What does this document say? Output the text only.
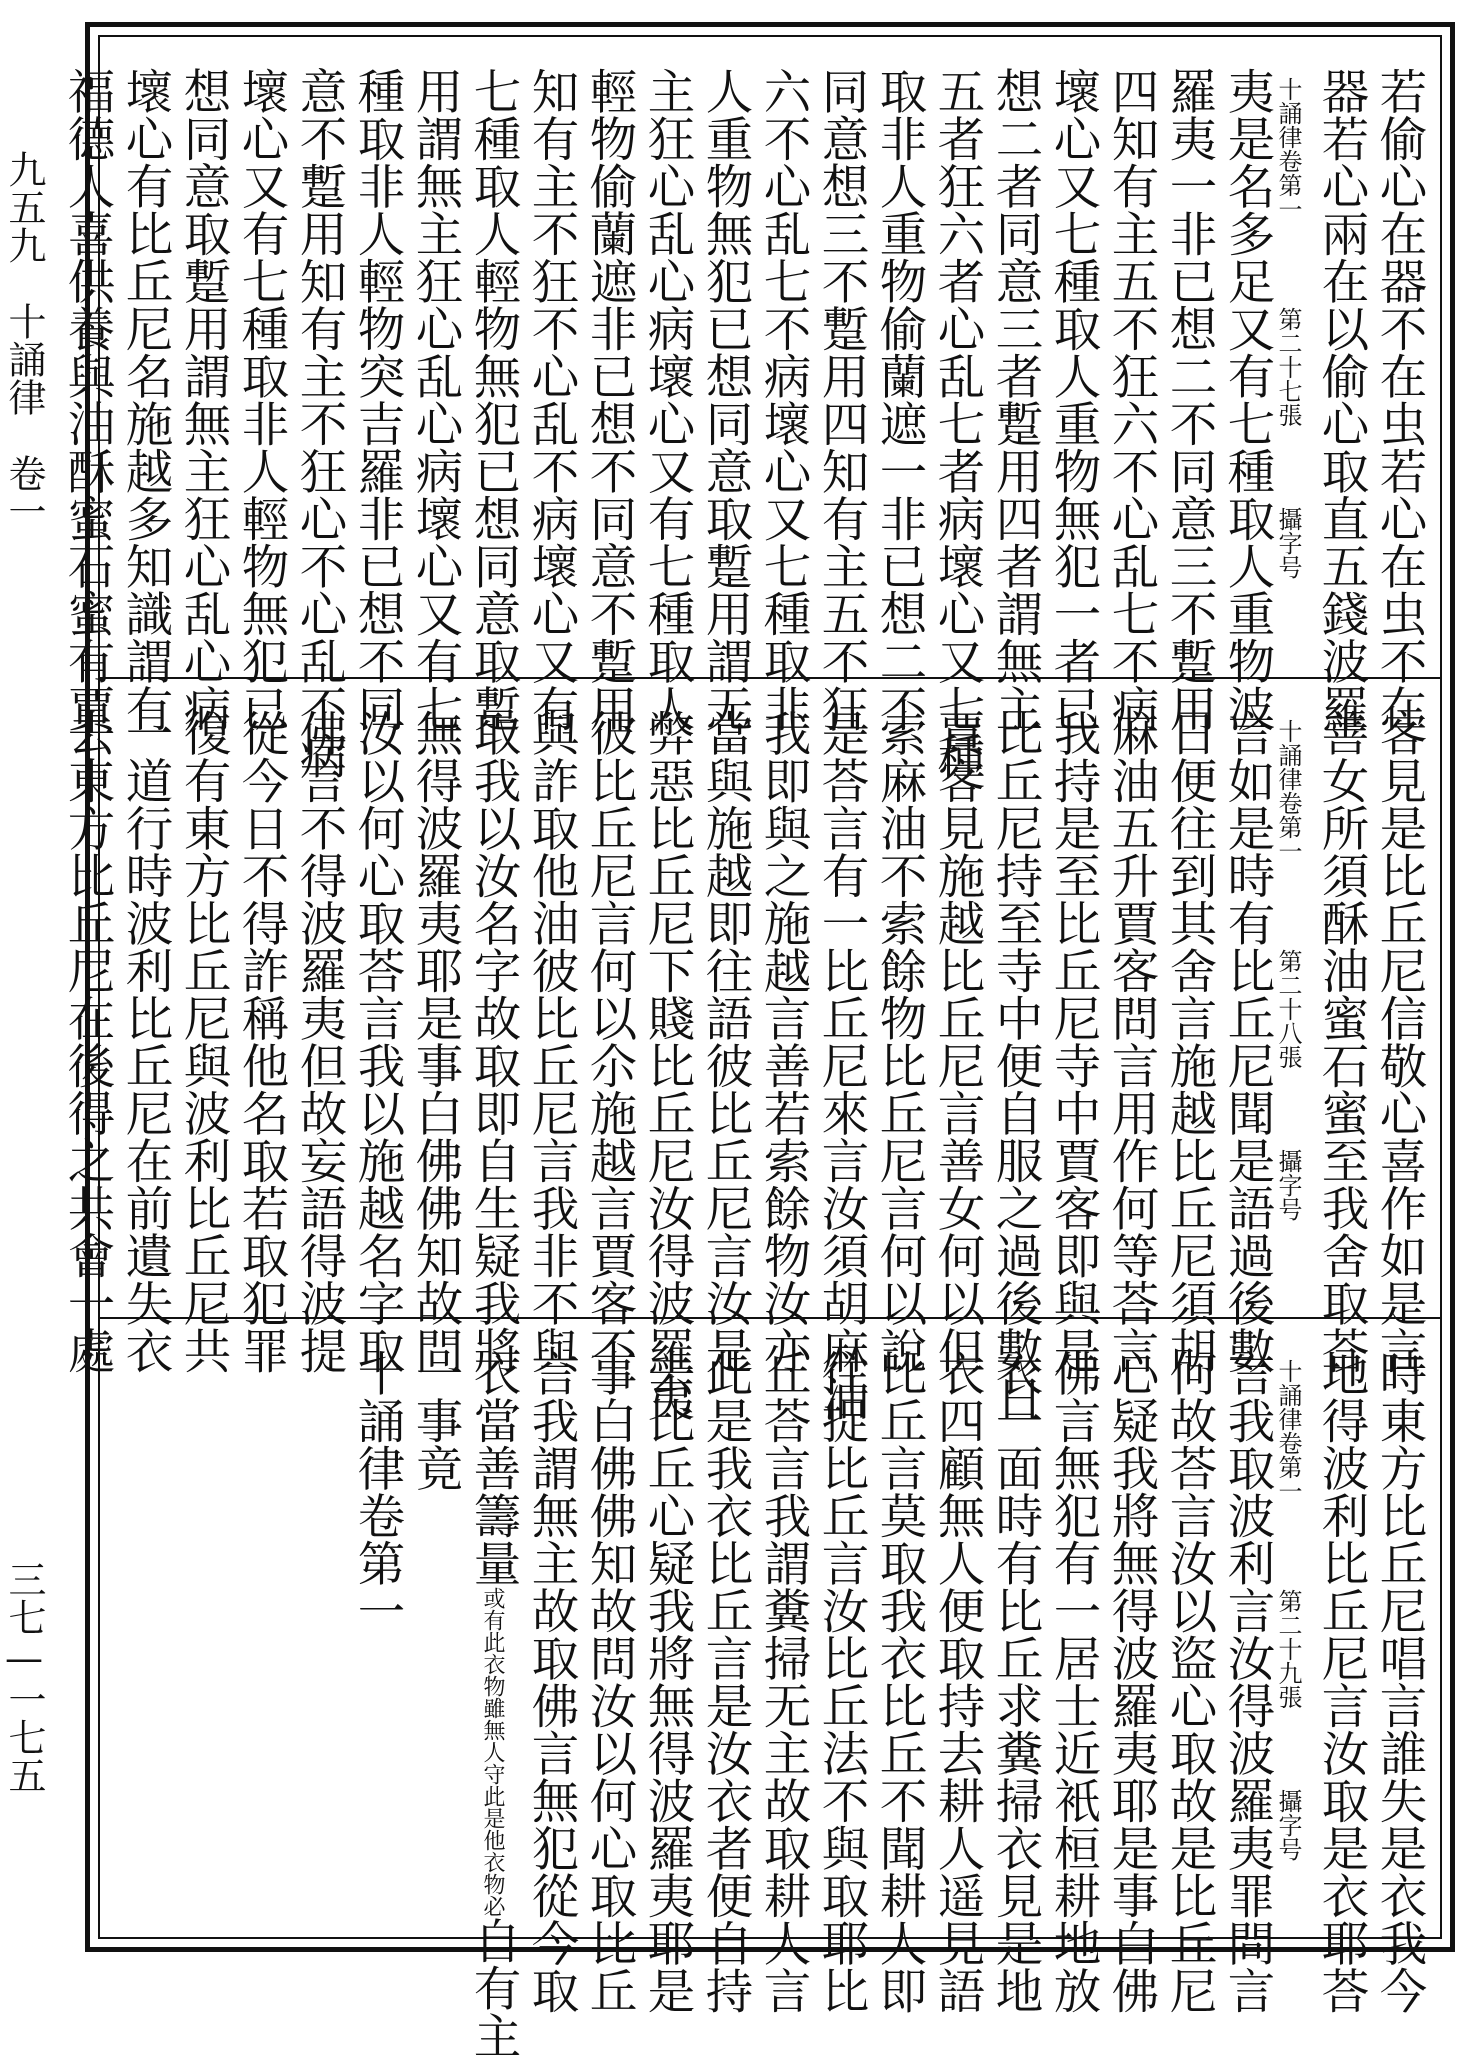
九五九　十誦律　卷一
三七—一七五
若偷心在器不在虫若心在虫不在
器若心兩在以偷心取直五錢波羅
十誦律卷第一
第二十七張
攝字号
夷是名多足又有七種取人重物波
羅夷一非已想二不同意三不蹔用
四知有主五不狂六不心乱七不病
壞心又七種取人重物無犯一者已
想二者同意三者蹔用四者謂無主
五者狂六者心乱七者病壞心又七種
取非人重物偷蘭遮一非已想二不
同意想三不蹔用四知有主五不狂
六不心乱七不病壞心又七種取非
人重物無犯已想同意取蹔用謂无
主狂心乱心病壞心又有七種取人
輕物偷蘭遮非已想不同意不蹔用
知有主不狂不心乱不病壞心又有
七種取人輕物無犯已想同意取蹔
用謂無主狂心乱心病壞心又有七
種取非人輕物突吉羅非已想不同
意不蹔用知有主不狂心不心乱不病
壞心又有七種取非人輕物無犯已
想同意取蹔用謂無主狂心乱心病
壞心有比丘尼名施越多知識謂有
福德人喜供養與油酥蜜石蜜有賈
客見是比丘尼信敬心喜作如是言
善女所須酥油蜜石蜜至我舍取荅
十誦律卷第一
第二十八張
攝字号
言如是時有比丘尼聞是語過後數
日便往到其舍言施越比丘尼須胡
麻油五升賈客問言用作何等荅言
我持是至比丘尼寺中賈客即與是
比丘尼持至寺中便自服之過後數日
賈客見施越比丘尼言善女何以但
索麻油不索餘物比丘尼言何以說
是荅言有一比丘尼來言汝須胡麻油
我即與之施越言善若索餘物汝亦
當與施越即往語彼比丘尼言汝是
弊惡比丘尼下賤比丘尼汝得波羅夷
彼比丘尼言何以尒施越言賈客不
與詐取他油彼比丘尼言我非不與
取我以汝名字故取即自生疑我將
無得波羅夷耶是事白佛佛知故問
汝以何心取荅言我以施越名字取
佛言不得波羅夷但故妄語得波提
從今日不得詐稱他名取若取犯罪
復有東方比丘尼與波利比丘尼共
一道行時波利比丘尼在前遺失衣
去東方比丘尼在後得之共會一處
時東方比丘尼唱言誰失是衣我今
地得波利比丘尼言汝取是衣耶荅
十誦律卷第一
第二十九張
攝字号
言我取波利言汝得波羅夷罪問言
何故荅言汝以盜心取故是比丘尼
心疑我將無得波羅夷耶是事白佛
佛言無犯有一居士近衹桓耕地放
衣一面時有比丘求糞掃衣見是地
衣四顧無人便取持去耕人遥見語
比丘言莫取我衣比丘不聞耕人即
往捉比丘言汝比丘法不與取耶比
丘荅言我謂糞掃无主故取耕人言
此是我衣比丘言是汝衣者便自持
去比丘心疑我將無得波羅夷耶是
事白佛佛知故問汝以何心取比丘
言我謂無主故取佛言無犯從今取
衣當善籌量或有此衣物雖無人守此是他衣物必自有主
一事竟
十誦律卷第一
